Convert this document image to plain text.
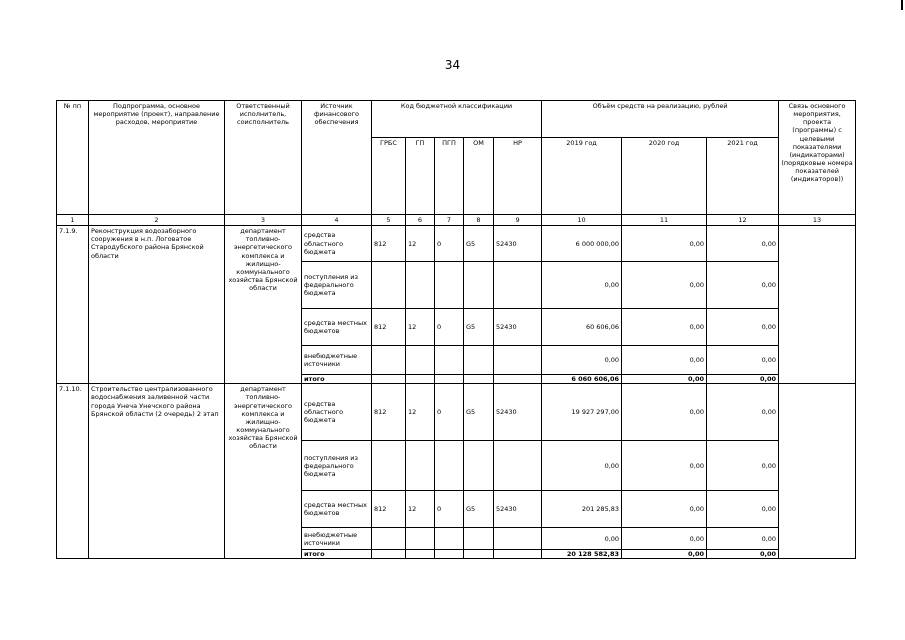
34
№ пп	Подпрограмма, основное мероприятие (проект), направление расходов, мероприятие	Ответственный исполнитель, соисполнитель	Источник финансового обеспечения	Код бюджетной классификации					Объём средств на реализацию, рублей			Связь основного мероприятия, проекта (программы) с целевыми показателями (индикаторами) (порядковые номера показателей (индикаторов))
				ГРБС	ГП	ПГП	ОМ	НР	2019 год	2020 год	2021 год	
1	2	3	4	5	6	7	8	9	10	11	12	13
7.1.9.	Реконструкция водозаборного сооружения в н.п. Логоватое Стародубского района Брянской области	департамент топливно-энергетического комплекса и жилищно-коммунального хозяйства Брянской области	средства областного бюджета	812	12	0	G5	52430	6 000 000,00	0,00	0,00	
			поступления из федерального бюджета						0,00	0,00	0,00	
			средства местных бюджетов	812	12	0	G5	52430	60 606,06	0,00	0,00	
			внебюджетные источники						0,00	0,00	0,00	
			итого						6 060 606,06	0,00	0,00	
7.1.10.	Строительство централизованного водоснабжения заливенной части города Унеча Унечского района Брянской области (2 очередь) 2 этап	департамент топливно-энергетического комплекса и жилищно-коммунального хозяйства Брянской области	средства областного бюджета	812	12	0	G5	52430	19 927 297,00	0,00	0,00	
			поступления из федерального бюджета						0,00	0,00	0,00	
			средства местных бюджетов	812	12	0	G5	52430	201 285,83	0,00	0,00	
			внебюджетные источники						0,00	0,00	0,00	
			итого						20 128 582,83	0,00	0,00	
